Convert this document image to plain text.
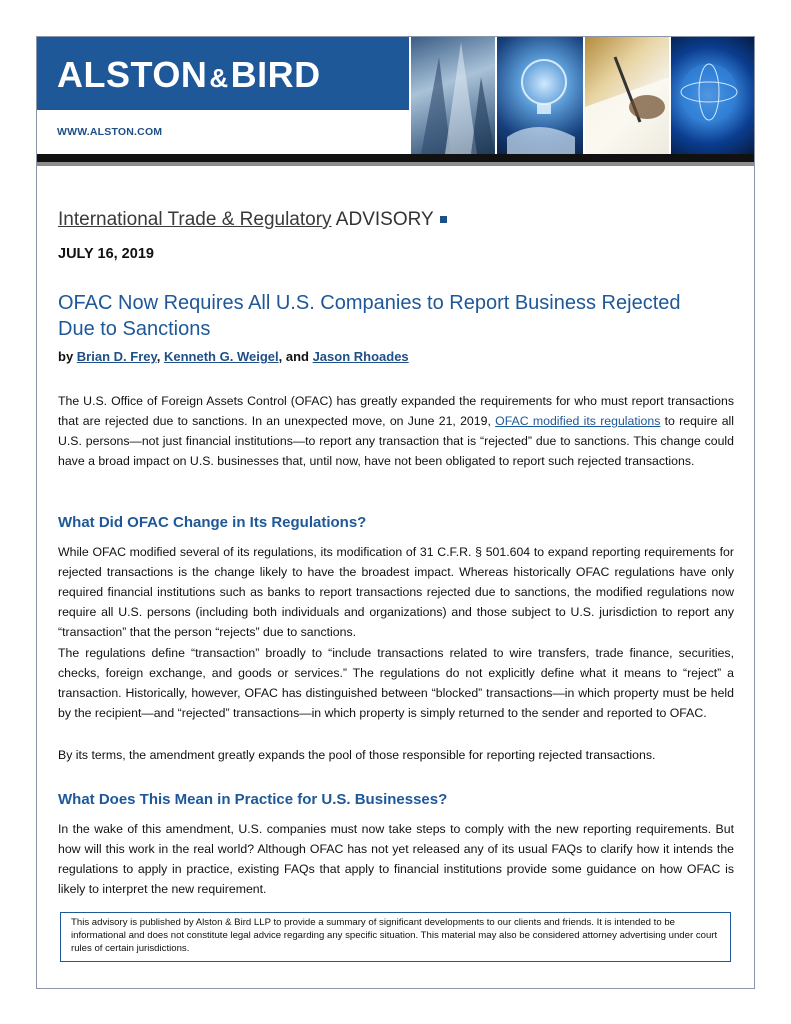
ALSTON&BIRD
WWW.ALSTON.COM
International Trade & Regulatory ADVISORY
JULY 16, 2019
OFAC Now Requires All U.S. Companies to Report Business Rejected Due to Sanctions
by Brian D. Frey, Kenneth G. Weigel, and Jason Rhoades

The U.S. Office of Foreign Assets Control (OFAC) has greatly expanded the requirements for who must report transactions that are rejected due to sanctions. In an unexpected move, on June 21, 2019, OFAC modified its regulations to require all U.S. persons—not just financial institutions—to report any transaction that is “rejected” due to sanctions. This change could have a broad impact on U.S. businesses that, until now, have not been obligated to report such rejected transactions.

What Did OFAC Change in Its Regulations?

While OFAC modified several of its regulations, its modification of 31 C.F.R. § 501.604 to expand reporting requirements for rejected transactions is the change likely to have the broadest impact. Whereas historically OFAC regulations have only required financial institutions such as banks to report transactions rejected due to sanctions, the modified regulations now require all U.S. persons (including both individuals and organizations) and those subject to U.S. jurisdiction to report any “transaction” that the person “rejects” due to sanctions.

The regulations define “transaction” broadly to “include transactions related to wire transfers, trade finance, securities, checks, foreign exchange, and goods or services.” The regulations do not explicitly define what it means to “reject” a transaction. Historically, however, OFAC has distinguished between “blocked” transactions—in which property must be held by the recipient—and “rejected” transactions—in which property is simply returned to the sender and reported to OFAC.

By its terms, the amendment greatly expands the pool of those responsible for reporting rejected transactions.

What Does This Mean in Practice for U.S. Businesses?

In the wake of this amendment, U.S. companies must now take steps to comply with the new reporting requirements. But how will this work in the real world? Although OFAC has not yet released any of its usual FAQs to clarify how it intends the regulations to apply in practice, existing FAQs that apply to financial institutions provide some guidance on how OFAC is likely to interpret the new requirement.

This advisory is published by Alston & Bird LLP to provide a summary of significant developments to our clients and friends. It is intended to be informational and does not constitute legal advice regarding any specific situation. This material may also be considered attorney advertising under court rules of certain jurisdictions.
